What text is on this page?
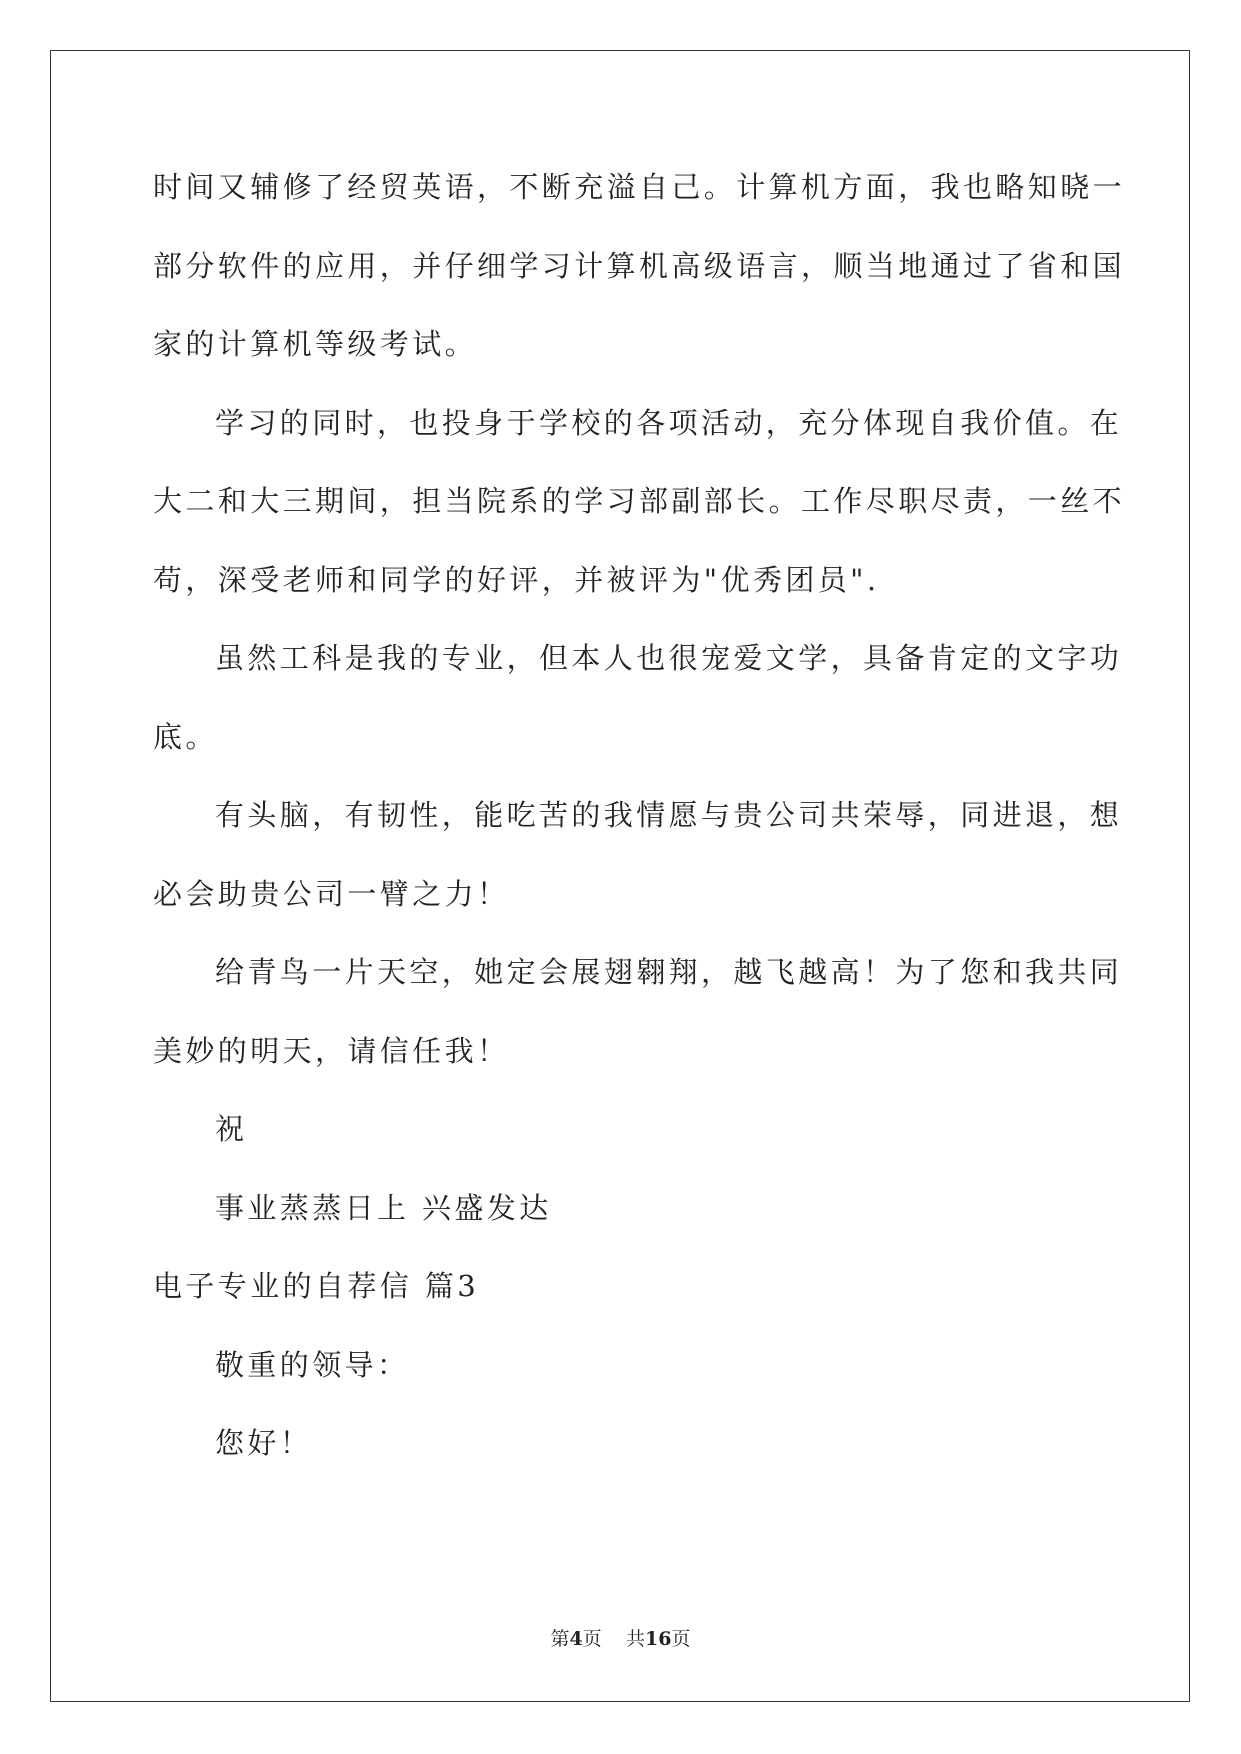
时间又辅修了经贸英语，不断充溢自己。计算机方面，我也略知晓一
部分软件的应用，并仔细学习计算机高级语言，顺当地通过了省和国
家的计算机等级考试。
学习的同时，也投身于学校的各项活动，充分体现自我价值。在
大二和大三期间，担当院系的学习部副部长。工作尽职尽责，一丝不
苟，深受老师和同学的好评，并被评为"优秀团员".
虽然工科是我的专业，但本人也很宠爱文学，具备肯定的文字功
底。
有头脑，有韧性，能吃苦的我情愿与贵公司共荣辱，同进退，想
必会助贵公司一臂之力！
给青鸟一片天空，她定会展翅翱翔，越飞越高！为了您和我共同
美妙的明天，请信任我！
祝
事业蒸蒸日上 兴盛发达
电子专业的自荐信 篇3
敬重的领导：
您好！
第4页 共16页
